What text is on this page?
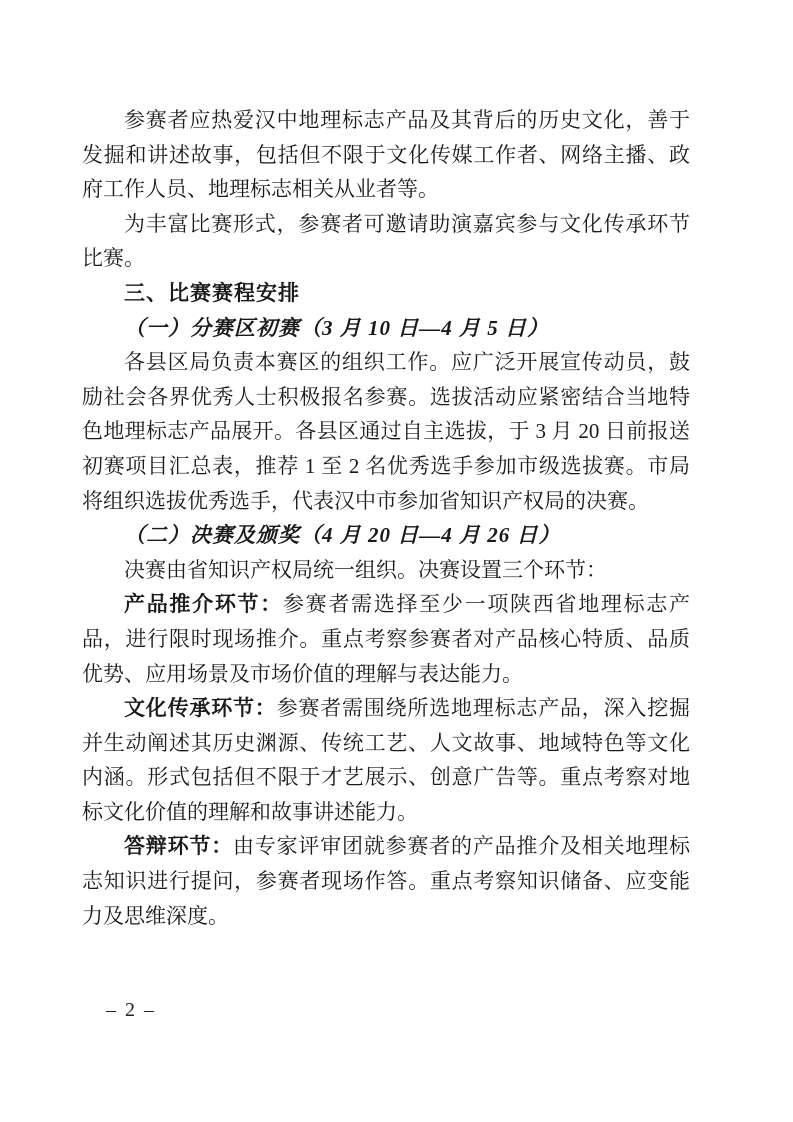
参赛者应热爱汉中地理标志产品及其背后的历史文化，善于发掘和讲述故事，包括但不限于文化传媒工作者、网络主播、政府工作人员、地理标志相关从业者等。

为丰富比赛形式，参赛者可邀请助演嘉宾参与文化传承环节比赛。

三、比赛赛程安排

（一）分赛区初赛（3 月 10 日—4 月 5 日）

各县区局负责本赛区的组织工作。应广泛开展宣传动员，鼓励社会各界优秀人士积极报名参赛。选拔活动应紧密结合当地特色地理标志产品展开。各县区通过自主选拔，于 3 月 20 日前报送初赛项目汇总表，推荐 1 至 2 名优秀选手参加市级选拔赛。市局将组织选拔优秀选手，代表汉中市参加省知识产权局的决赛。

（二）决赛及颁奖（4 月 20 日—4 月 26 日）

决赛由省知识产权局统一组织。决赛设置三个环节：

产品推介环节：参赛者需选择至少一项陕西省地理标志产品，进行限时现场推介。重点考察参赛者对产品核心特质、品质优势、应用场景及市场价值的理解与表达能力。

文化传承环节：参赛者需围绕所选地理标志产品，深入挖掘并生动阐述其历史渊源、传统工艺、人文故事、地域特色等文化内涵。形式包括但不限于才艺展示、创意广告等。重点考察对地标文化价值的理解和故事讲述能力。

答辩环节：由专家评审团就参赛者的产品推介及相关地理标志知识进行提问，参赛者现场作答。重点考察知识储备、应变能力及思维深度。

– 2 –
